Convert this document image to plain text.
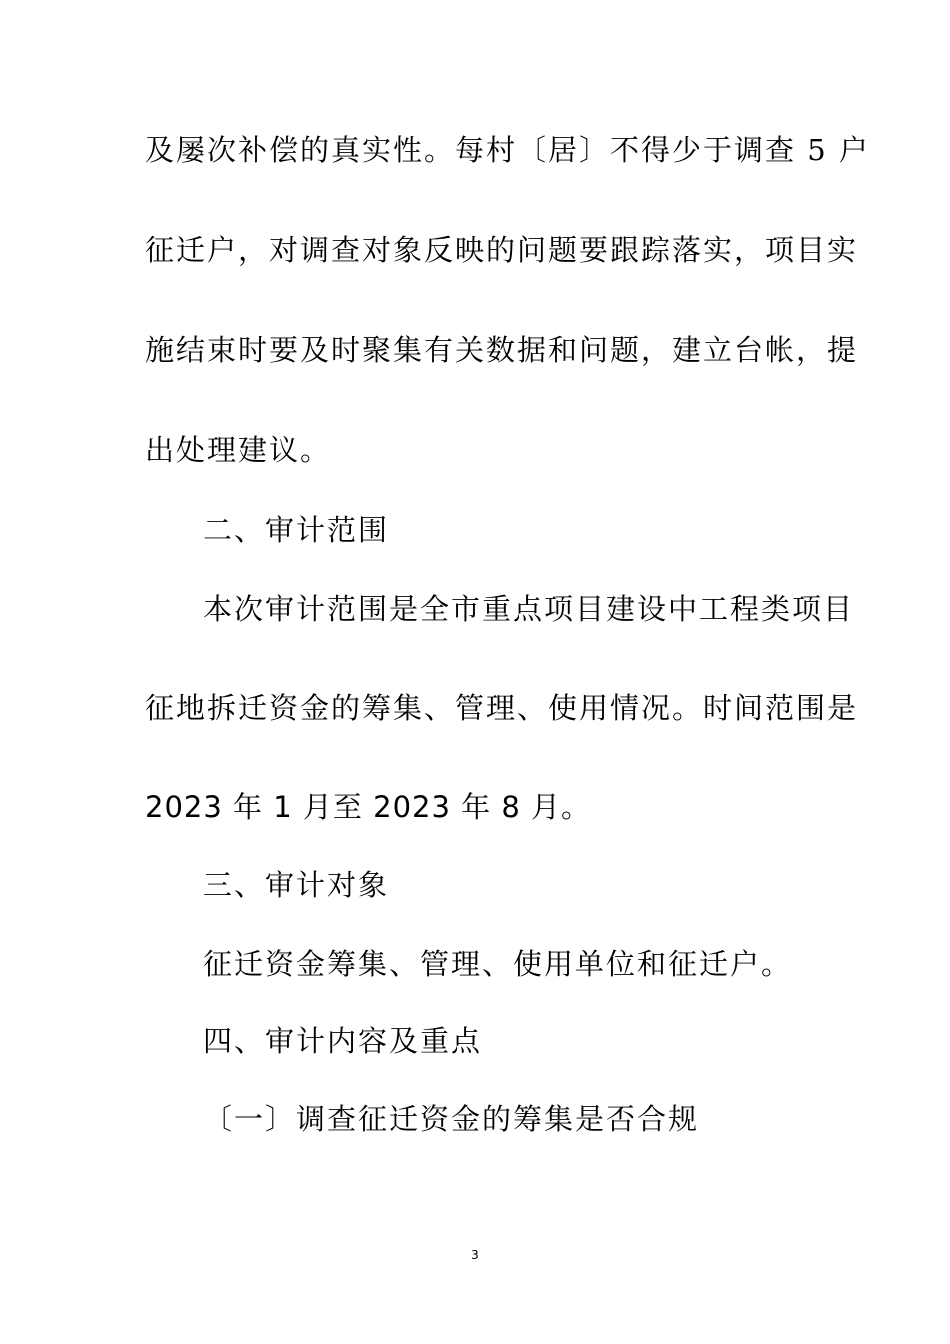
及屡次补偿的真实性。每村〔居〕不得少于调查 5 户
征迁户，对调查对象反映的问题要跟踪落实，项目实
施结束时要及时聚集有关数据和问题，建立台帐，提
出处理建议。
二、审计范围
本次审计范围是全市重点项目建设中工程类项目
征地拆迁资金的筹集、管理、使用情况。时间范围是
2023 年 1 月至 2023 年 8 月。
三、审计对象
征迁资金筹集、管理、使用单位和征迁户。
四、审计内容及重点
〔一〕调查征迁资金的筹集是否合规
3
